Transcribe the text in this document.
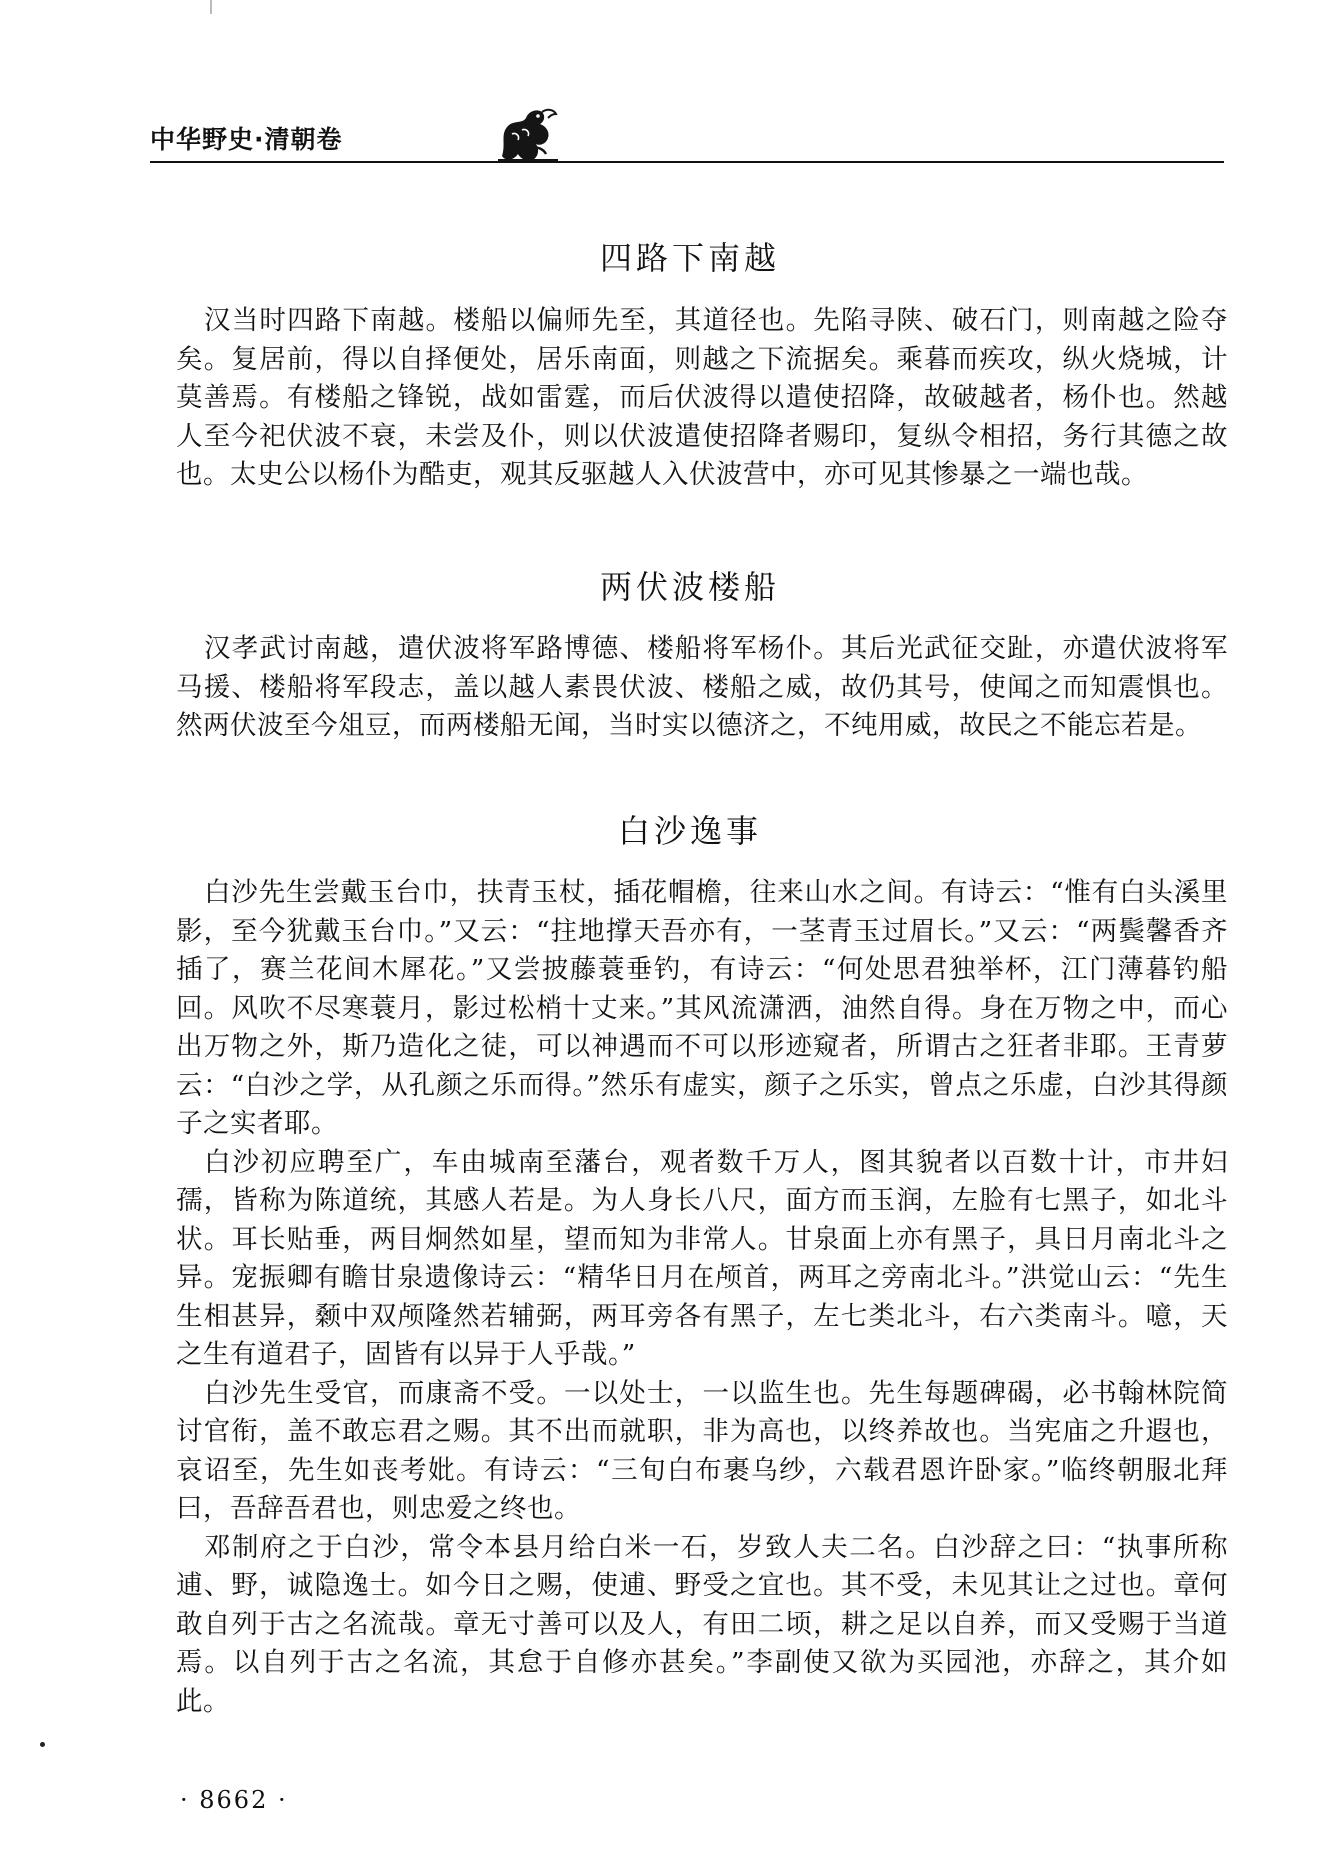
中华野史·清朝卷
四路下南越

汉当时四路下南越。楼船以偏师先至，其道径也。先陷寻陕、破石门，则南越之险夺矣。复居前，得以自择便处，居乐南面，则越之下流据矣。乘暮而疾攻，纵火烧城，计莫善焉。有楼船之锋锐，战如雷霆，而后伏波得以遣使招降，故破越者，杨仆也。然越人至今祀伏波不衰，未尝及仆，则以伏波遣使招降者赐印，复纵令相招，务行其德之故也。太史公以杨仆为酷吏，观其反驱越人入伏波营中，亦可见其惨暴之一端也哉。

两伏波楼船

汉孝武讨南越，遣伏波将军路博德、楼船将军杨仆。其后光武征交趾，亦遣伏波将军马援、楼船将军段志，盖以越人素畏伏波、楼船之威，故仍其号，使闻之而知震惧也。然两伏波至今俎豆，而两楼船无闻，当时实以德济之，不纯用威，故民之不能忘若是。

白沙逸事

白沙先生尝戴玉台巾，扶青玉杖，插花帽檐，往来山水之间。有诗云：“惟有白头溪里影，至今犹戴玉台巾。”又云：“拄地撑天吾亦有，一茎青玉过眉长。”又云：“两鬓馨香齐插了，赛兰花间木犀花。”又尝披藤蓑垂钓，有诗云：“何处思君独举杯，江门薄暮钓船回。风吹不尽寒蓑月，影过松梢十丈来。”其风流潇洒，油然自得。身在万物之中，而心出万物之外，斯乃造化之徒，可以神遇而不可以形迹窥者，所谓古之狂者非耶。王青萝云：“白沙之学，从孔颜之乐而得。”然乐有虚实，颜子之乐实，曾点之乐虚，白沙其得颜子之实者耶。

白沙初应聘至广，车由城南至藩台，观者数千万人，图其貌者以百数十计，市井妇孺，皆称为陈道统，其感人若是。为人身长八尺，面方而玉润，左脸有七黑子，如北斗状。耳长贴垂，两目炯然如星，望而知为非常人。甘泉面上亦有黑子，具日月南北斗之异。宠振卿有瞻甘泉遗像诗云：“精华日月在颅首，两耳之旁南北斗。”洪觉山云：“先生生相甚异，颡中双颅隆然若辅弼，两耳旁各有黑子，左七类北斗，右六类南斗。噫，天之生有道君子，固皆有以异于人乎哉。”

白沙先生受官，而康斋不受。一以处士，一以监生也。先生每题碑碣，必书翰林院简讨官衔，盖不敢忘君之赐。其不出而就职，非为高也，以终养故也。当宪庙之升遐也，哀诏至，先生如丧考妣。有诗云：“三旬白布裹乌纱，六载君恩许卧家。”临终朝服北拜曰，吾辞吾君也，则忠爱之终也。

邓制府之于白沙，常令本县月给白米一石，岁致人夫二名。白沙辞之曰：“执事所称逋、野，诚隐逸士。如今日之赐，使逋、野受之宜也。其不受，未见其让之过也。章何敢自列于古之名流哉。章无寸善可以及人，有田二顷，耕之足以自养，而又受赐于当道焉。以自列于古之名流，其怠于自修亦甚矣。”李副使又欲为买园池，亦辞之，其介如此。

· 8662 ·
